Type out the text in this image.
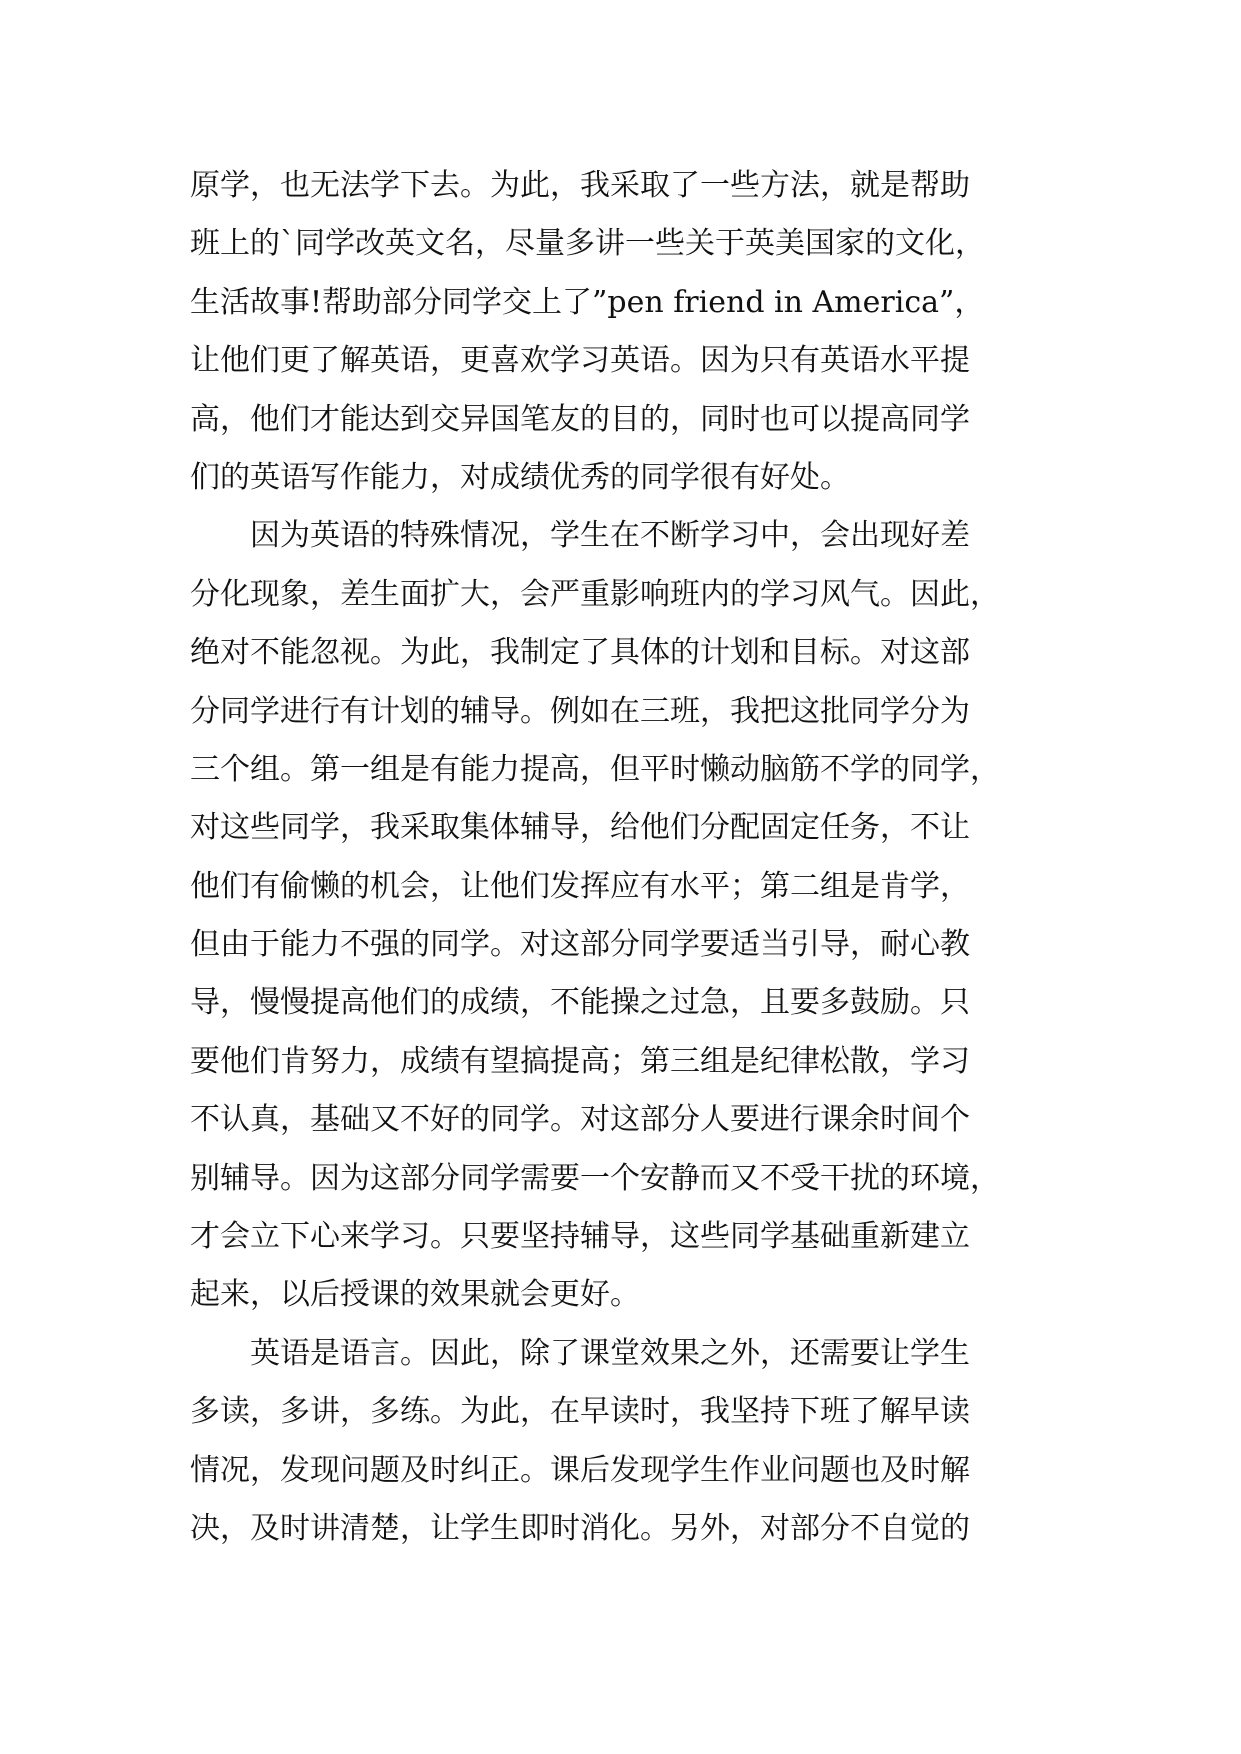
原学，也无法学下去。为此，我采取了一些方法，就是帮助
班上的`同学改英文名，尽量多讲一些关于英美国家的文化，
生活故事!帮助部分同学交上了”pen friend in America”，
让他们更了解英语，更喜欢学习英语。因为只有英语水平提
高，他们才能达到交异国笔友的目的，同时也可以提高同学
们的英语写作能力，对成绩优秀的同学很有好处。
　　因为英语的特殊情况，学生在不断学习中，会出现好差
分化现象，差生面扩大，会严重影响班内的学习风气。因此，
绝对不能忽视。为此，我制定了具体的计划和目标。对这部
分同学进行有计划的辅导。例如在三班，我把这批同学分为
三个组。第一组是有能力提高，但平时懒动脑筋不学的同学，
对这些同学，我采取集体辅导，给他们分配固定任务，不让
他们有偷懒的机会，让他们发挥应有水平；第二组是肯学，
但由于能力不强的同学。对这部分同学要适当引导，耐心教
导，慢慢提高他们的成绩，不能操之过急，且要多鼓励。只
要他们肯努力，成绩有望搞提高；第三组是纪律松散，学习
不认真，基础又不好的同学。对这部分人要进行课余时间个
别辅导。因为这部分同学需要一个安静而又不受干扰的环境，
才会立下心来学习。只要坚持辅导，这些同学基础重新建立
起来，以后授课的效果就会更好。
　　英语是语言。因此，除了课堂效果之外，还需要让学生
多读，多讲，多练。为此，在早读时，我坚持下班了解早读
情况，发现问题及时纠正。课后发现学生作业问题也及时解
决，及时讲清楚，让学生即时消化。另外，对部分不自觉的
